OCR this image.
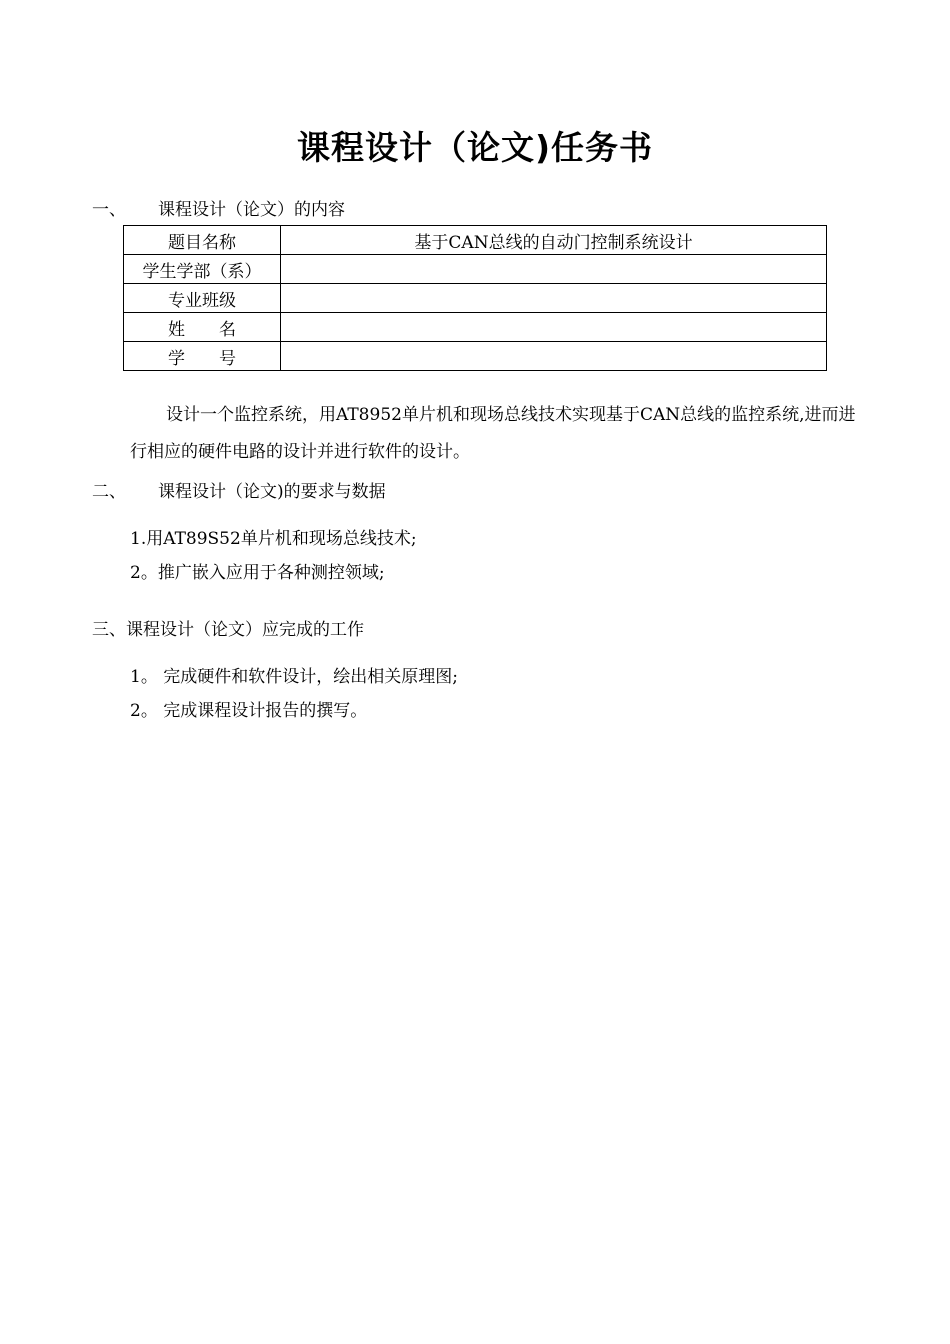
课程设计（论文)任务书
一、 课程设计（论文）的内容
题目名称	基于CAN总线的自动门控制系统设计
学生学部（系）	
专业班级	
姓　　名	
学　　号	
设计一个监控系统，用AT8952单片机和现场总线技术实现基于CAN总线的监控系统,进而进行相应的硬件电路的设计并进行软件的设计。
二、 课程设计（论文)的要求与数据
1.用AT89S52单片机和现场总线技术;
2。推广嵌入应用于各种测控领域;
三、课程设计（论文）应完成的工作
1。 完成硬件和软件设计，绘出相关原理图;
2。 完成课程设计报告的撰写。
